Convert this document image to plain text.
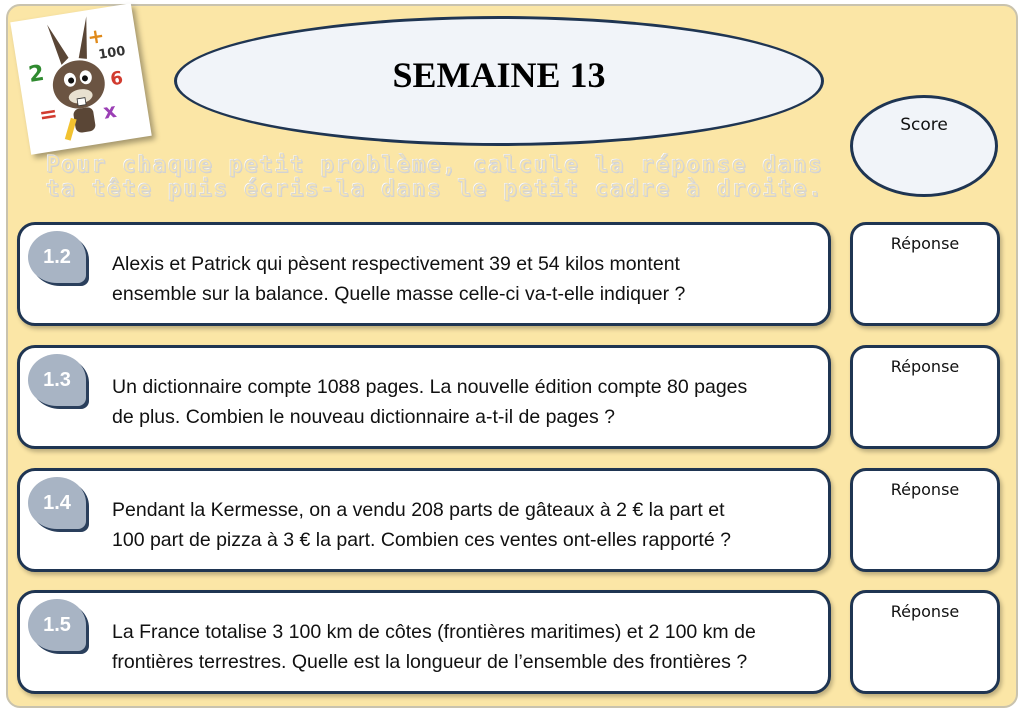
2
+
100
6
= x
SEMAINE 13
Score
Pour chaque petit problème, calcule la réponse dans
ta tête puis écris-la dans le petit cadre à droite.
1.2 Alexis et Patrick qui pèsent respectivement 39 et 54 kilos montent
ensemble sur la balance. Quelle masse celle-ci va-t-elle indiquer ?
Réponse
1.3 Un dictionnaire compte 1088 pages. La nouvelle édition compte 80 pages
de plus. Combien le nouveau dictionnaire a-t-il de pages ?
Réponse
1.4 Pendant la Kermesse, on a vendu 208 parts de gâteaux à 2 € la part et
100 part de pizza à 3 € la part. Combien ces ventes ont-elles rapporté ?
Réponse
1.5 La France totalise 3 100 km de côtes (frontières maritimes) et 2 100 km de
frontières terrestres. Quelle est la longueur de l’ensemble des frontières ?
Réponse
